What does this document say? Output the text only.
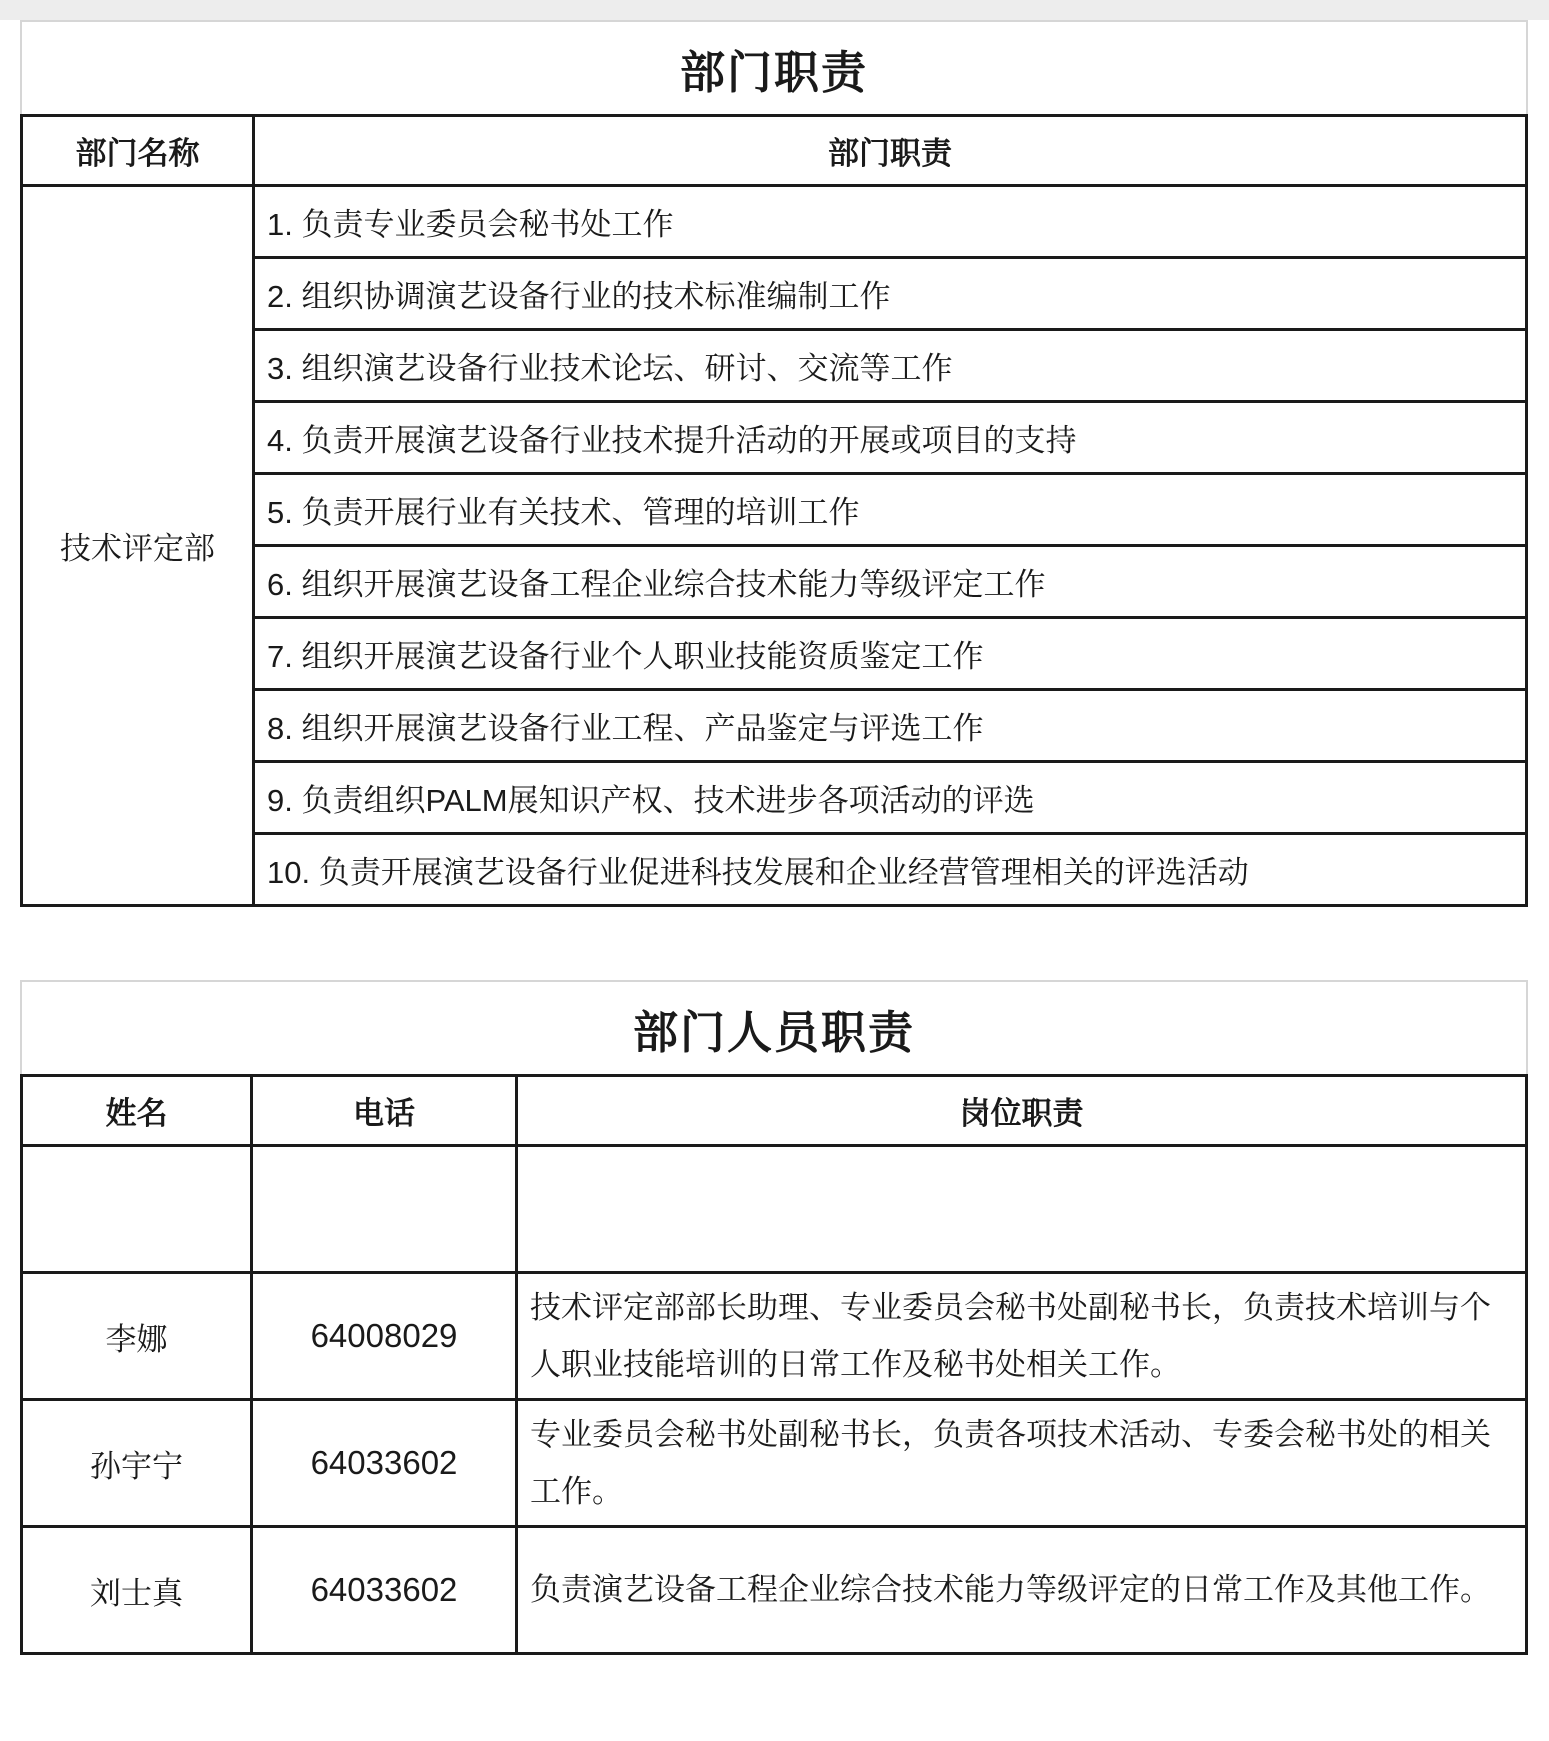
部门职责
部门名称	部门职责
技术评定部	1. 负责专业委员会秘书处工作
	2. 组织协调演艺设备行业的技术标准编制工作
	3. 组织演艺设备行业技术论坛、研讨、交流等工作
	4. 负责开展演艺设备行业技术提升活动的开展或项目的支持
	5. 负责开展行业有关技术、管理的培训工作
	6. 组织开展演艺设备工程企业综合技术能力等级评定工作
	7. 组织开展演艺设备行业个人职业技能资质鉴定工作
	8. 组织开展演艺设备行业工程、产品鉴定与评选工作
	9. 负责组织PALM展知识产权、技术进步各项活动的评选
	10. 负责开展演艺设备行业促进科技发展和企业经营管理相关的评选活动
部门人员职责
姓名	电话	岗位职责

李娜	64008029	技术评定部部长助理、专业委员会秘书处副秘书长，负责技术培训与个人职业技能培训的日常工作及秘书处相关工作。
孙宇宁	64033602	专业委员会秘书处副秘书长，负责各项技术活动、专委会秘书处的相关工作。
刘士真	64033602	负责演艺设备工程企业综合技术能力等级评定的日常工作及其他工作。
